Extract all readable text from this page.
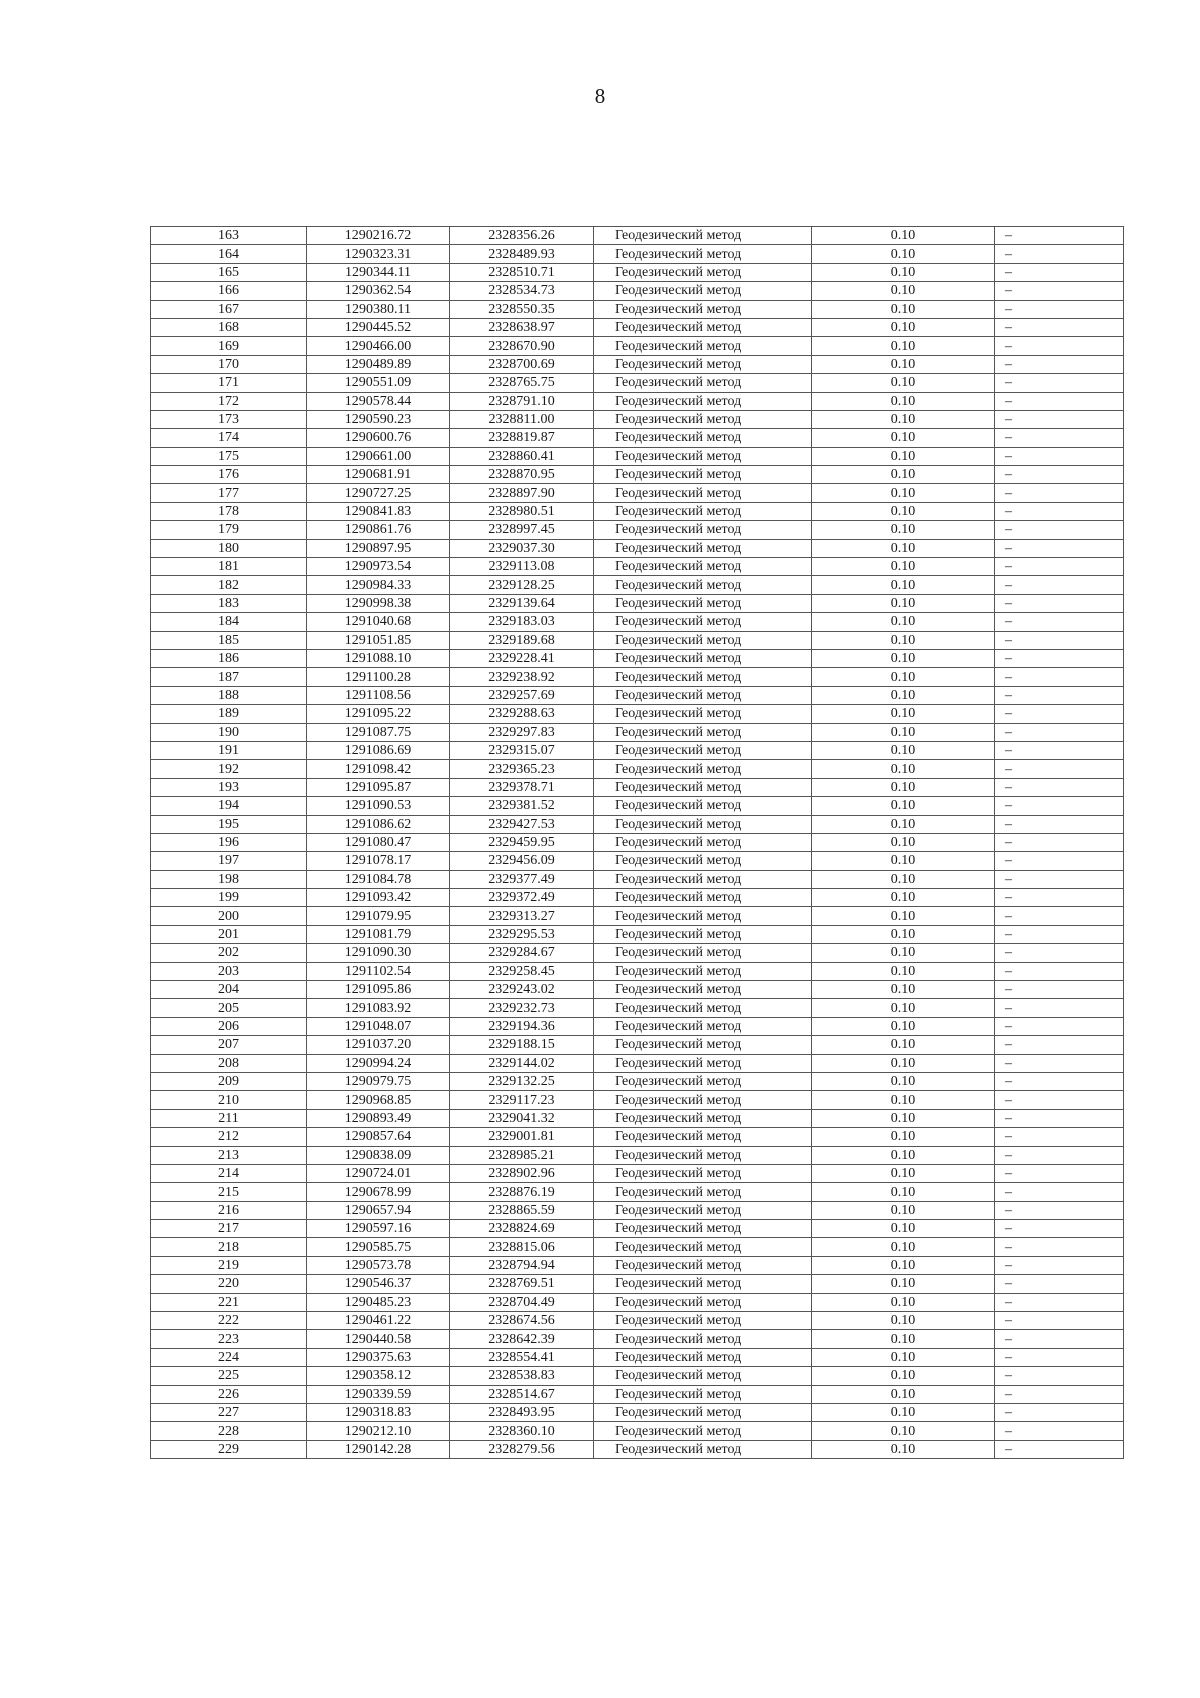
8
163	1290216.72	2328356.26	Геодезический метод	0.10	–
164	1290323.31	2328489.93	Геодезический метод	0.10	–
165	1290344.11	2328510.71	Геодезический метод	0.10	–
166	1290362.54	2328534.73	Геодезический метод	0.10	–
167	1290380.11	2328550.35	Геодезический метод	0.10	–
168	1290445.52	2328638.97	Геодезический метод	0.10	–
169	1290466.00	2328670.90	Геодезический метод	0.10	–
170	1290489.89	2328700.69	Геодезический метод	0.10	–
171	1290551.09	2328765.75	Геодезический метод	0.10	–
172	1290578.44	2328791.10	Геодезический метод	0.10	–
173	1290590.23	2328811.00	Геодезический метод	0.10	–
174	1290600.76	2328819.87	Геодезический метод	0.10	–
175	1290661.00	2328860.41	Геодезический метод	0.10	–
176	1290681.91	2328870.95	Геодезический метод	0.10	–
177	1290727.25	2328897.90	Геодезический метод	0.10	–
178	1290841.83	2328980.51	Геодезический метод	0.10	–
179	1290861.76	2328997.45	Геодезический метод	0.10	–
180	1290897.95	2329037.30	Геодезический метод	0.10	–
181	1290973.54	2329113.08	Геодезический метод	0.10	–
182	1290984.33	2329128.25	Геодезический метод	0.10	–
183	1290998.38	2329139.64	Геодезический метод	0.10	–
184	1291040.68	2329183.03	Геодезический метод	0.10	–
185	1291051.85	2329189.68	Геодезический метод	0.10	–
186	1291088.10	2329228.41	Геодезический метод	0.10	–
187	1291100.28	2329238.92	Геодезический метод	0.10	–
188	1291108.56	2329257.69	Геодезический метод	0.10	–
189	1291095.22	2329288.63	Геодезический метод	0.10	–
190	1291087.75	2329297.83	Геодезический метод	0.10	–
191	1291086.69	2329315.07	Геодезический метод	0.10	–
192	1291098.42	2329365.23	Геодезический метод	0.10	–
193	1291095.87	2329378.71	Геодезический метод	0.10	–
194	1291090.53	2329381.52	Геодезический метод	0.10	–
195	1291086.62	2329427.53	Геодезический метод	0.10	–
196	1291080.47	2329459.95	Геодезический метод	0.10	–
197	1291078.17	2329456.09	Геодезический метод	0.10	–
198	1291084.78	2329377.49	Геодезический метод	0.10	–
199	1291093.42	2329372.49	Геодезический метод	0.10	–
200	1291079.95	2329313.27	Геодезический метод	0.10	–
201	1291081.79	2329295.53	Геодезический метод	0.10	–
202	1291090.30	2329284.67	Геодезический метод	0.10	–
203	1291102.54	2329258.45	Геодезический метод	0.10	–
204	1291095.86	2329243.02	Геодезический метод	0.10	–
205	1291083.92	2329232.73	Геодезический метод	0.10	–
206	1291048.07	2329194.36	Геодезический метод	0.10	–
207	1291037.20	2329188.15	Геодезический метод	0.10	–
208	1290994.24	2329144.02	Геодезический метод	0.10	–
209	1290979.75	2329132.25	Геодезический метод	0.10	–
210	1290968.85	2329117.23	Геодезический метод	0.10	–
211	1290893.49	2329041.32	Геодезический метод	0.10	–
212	1290857.64	2329001.81	Геодезический метод	0.10	–
213	1290838.09	2328985.21	Геодезический метод	0.10	–
214	1290724.01	2328902.96	Геодезический метод	0.10	–
215	1290678.99	2328876.19	Геодезический метод	0.10	–
216	1290657.94	2328865.59	Геодезический метод	0.10	–
217	1290597.16	2328824.69	Геодезический метод	0.10	–
218	1290585.75	2328815.06	Геодезический метод	0.10	–
219	1290573.78	2328794.94	Геодезический метод	0.10	–
220	1290546.37	2328769.51	Геодезический метод	0.10	–
221	1290485.23	2328704.49	Геодезический метод	0.10	–
222	1290461.22	2328674.56	Геодезический метод	0.10	–
223	1290440.58	2328642.39	Геодезический метод	0.10	–
224	1290375.63	2328554.41	Геодезический метод	0.10	–
225	1290358.12	2328538.83	Геодезический метод	0.10	–
226	1290339.59	2328514.67	Геодезический метод	0.10	–
227	1290318.83	2328493.95	Геодезический метод	0.10	–
228	1290212.10	2328360.10	Геодезический метод	0.10	–
229	1290142.28	2328279.56	Геодезический метод	0.10	–
